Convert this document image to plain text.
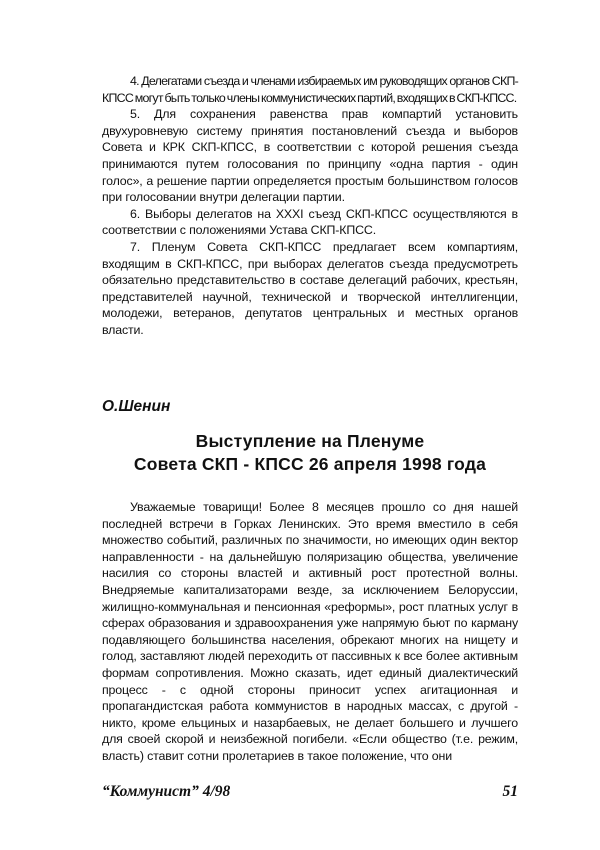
4. Делегатами съезда и членами избираемых им руководящих органов СКП-КПСС могут быть только члены коммунистических партий, входящих в СКП-КПСС.

5. Для сохранения равенства прав компартий установить двухуровневую систему принятия постановлений съезда и выборов Совета и КРК СКП-КПСС, в соответствии с которой решения съезда принимаются путем голосования по принципу «одна партия - один голос», а решение партии определяется простым большинством голосов при голосовании внутри делегации партии.

6. Выборы делегатов на XXXI съезд СКП-КПСС осуществляются в соответствии с положениями Устава СКП-КПСС.

7. Пленум Совета СКП-КПСС предлагает всем компартиям, входящим в СКП-КПСС, при выборах делегатов съезда предусмотреть обязательно представительство в составе делегаций рабочих, крестьян, представителей научной, технической и творческой интеллигенции, молодежи, ветеранов, депутатов центральных и местных органов власти.

О.Шенин
Выступление на Пленуме
Совета СКП - КПСС 26 апреля 1998 года

Уважаемые товарищи! Более 8 месяцев прошло со дня нашей последней встречи в Горках Ленинских. Это время вместило в себя множество событий, различных по значимости, но имеющих один вектор направленности - на дальнейшую поляризацию общества, увеличение насилия со стороны властей и активный рост протестной волны. Внедряемые капитализаторами везде, за исключением Белоруссии, жилищно-коммунальная и пенсионная «реформы», рост платных услуг в сферах образования и здравоохранения уже напрямую бьют по карману подавляющего большинства населения, обрекают многих на нищету и голод, заставляют людей переходить от пассивных к все более активным формам сопротивления. Можно сказать, идет единый диалектический процесс - с одной стороны приносит успех агитационная и пропагандистская работа коммунистов в народных массах, с другой - никто, кроме ельциных и назарбаевых, не делает большего и лучшего для своей скорой и неизбежной погибели. «Если общество (т.е. режим, власть) ставит сотни пролетариев в такое положение, что они

“Коммунист” 4/98	51
